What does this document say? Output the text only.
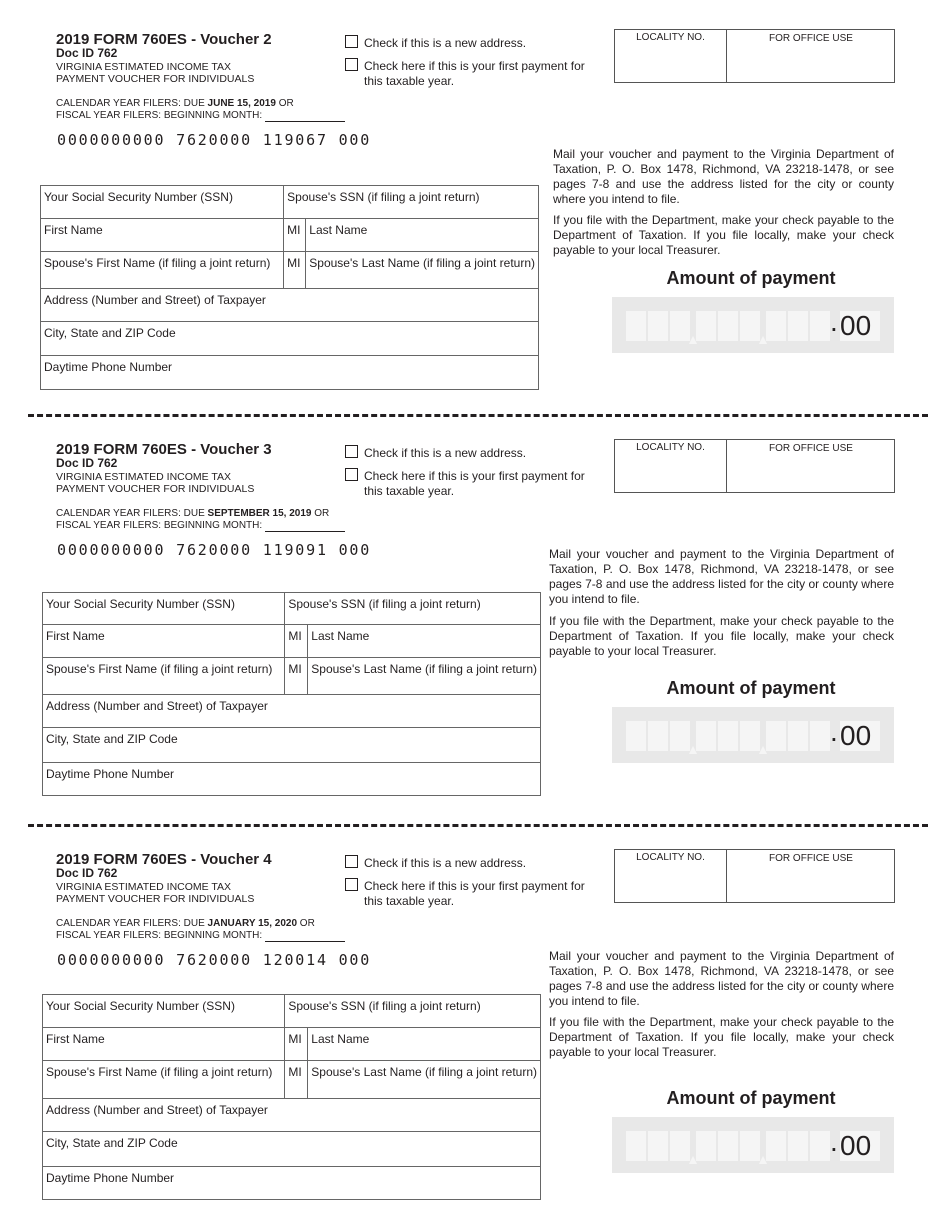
2019 FORM 760ES - Voucher 2
Doc ID 762
VIRGINIA ESTIMATED INCOME TAX
PAYMENT VOUCHER FOR INDIVIDUALS
CALENDAR YEAR FILERS: DUE JUNE 15, 2019 OR
FISCAL YEAR FILERS: BEGINNING MONTH:
0000000000 7620000 119067 000
Check if this is a new address.
Check here if this is your first payment for this taxable year.
LOCALITY NO.	FOR OFFICE USE
Mail your voucher and payment to the Virginia Department of Taxation, P. O. Box 1478, Richmond, VA 23218-1478, or see pages 7-8 and use the address listed for the city or county where you intend to file.
If you file with the Department, make your check payable to the Department of Taxation. If you file locally, make your check payable to your local Treasurer.
Amount of payment
. 00
Your Social Security Number (SSN)	Spouse's SSN (if filing a joint return)	
First Name	MI	Last Name
Spouse's First Name (if filing a joint return)	MI	Spouse's Last Name (if filing a joint return)
Address (Number and Street) of Taxpayer		
City, State and ZIP Code		
Daytime Phone Number		
2019 FORM 760ES - Voucher 3
Doc ID 762
VIRGINIA ESTIMATED INCOME TAX
PAYMENT VOUCHER FOR INDIVIDUALS
CALENDAR YEAR FILERS: DUE SEPTEMBER 15, 2019 OR
FISCAL YEAR FILERS: BEGINNING MONTH:
0000000000 7620000 119091 000
Check if this is a new address.
Check here if this is your first payment for this taxable year.
LOCALITY NO.	FOR OFFICE USE
Mail your voucher and payment to the Virginia Department of Taxation, P. O. Box 1478, Richmond, VA 23218-1478, or see pages 7-8 and use the address listed for the city or county where you intend to file.
If you file with the Department, make your check payable to the Department of Taxation. If you file locally, make your check payable to your local Treasurer.
Amount of payment
. 00
Your Social Security Number (SSN)	Spouse's SSN (if filing a joint return)	
First Name	MI	Last Name
Spouse's First Name (if filing a joint return)	MI	Spouse's Last Name (if filing a joint return)
Address (Number and Street) of Taxpayer		
City, State and ZIP Code		
Daytime Phone Number		
2019 FORM 760ES - Voucher 4
Doc ID 762
VIRGINIA ESTIMATED INCOME TAX
PAYMENT VOUCHER FOR INDIVIDUALS
CALENDAR YEAR FILERS: DUE JANUARY 15, 2020 OR
FISCAL YEAR FILERS: BEGINNING MONTH:
0000000000 7620000 120014 000
Check if this is a new address.
Check here if this is your first payment for this taxable year.
LOCALITY NO.	FOR OFFICE USE
Mail your voucher and payment to the Virginia Department of Taxation, P. O. Box 1478, Richmond, VA 23218-1478, or see pages 7-8 and use the address listed for the city or county where you intend to file.
If you file with the Department, make your check payable to the Department of Taxation. If you file locally, make your check payable to your local Treasurer.
Amount of payment
. 00
Your Social Security Number (SSN)	Spouse's SSN (if filing a joint return)	
First Name	MI	Last Name
Spouse's First Name (if filing a joint return)	MI	Spouse's Last Name (if filing a joint return)
Address (Number and Street) of Taxpayer		
City, State and ZIP Code		
Daytime Phone Number		
